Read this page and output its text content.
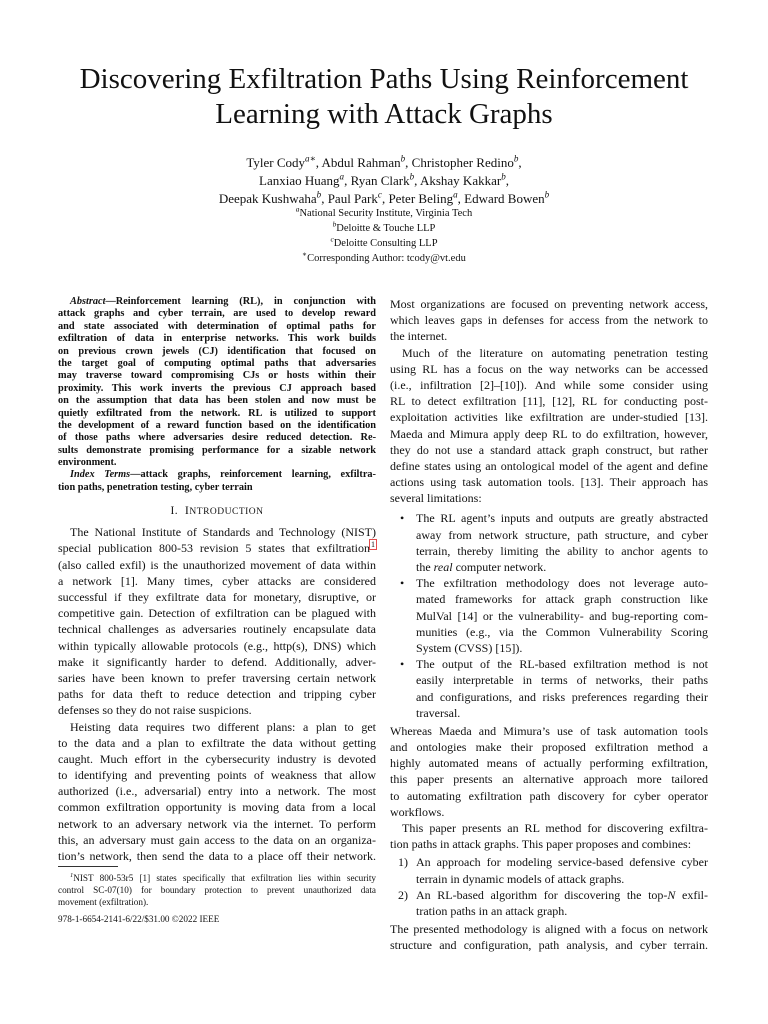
Discovering Exfiltration Paths Using Reinforcement
Learning with Attack Graphs
Tyler Cody$^{a∗}$, Abdul Rahman$^b$, Christopher Redino$^b$,
Lanxiao Huang$^a$, Ryan Clark$^b$, Akshay Kakkar$^b$,
Deepak Kushwaha$^b$, Paul Park$^c$, Peter Beling$^a$, Edward Bowen$^b$
$^a$National Security Institute, Virginia Tech
$^b$Deloitte & Touche LLP
$^c$Deloitte Consulting LLP
∗Corresponding Author: tcody@vt.edu
Abstract—Reinforcement learning (RL), in conjunction with
attack graphs and cyber terrain, are used to develop reward
and state associated with determination of optimal paths for
exfiltration of data in enterprise networks. This work builds
on previous crown jewels (CJ) identification that focused on
the target goal of computing optimal paths that adversaries
may traverse toward compromising CJs or hosts within their
proximity. This work inverts the previous CJ approach based
on the assumption that data has been stolen and now must be
quietly exfiltrated from the network. RL is utilized to support
the development of a reward function based on the identification
of those paths where adversaries desire reduced detection. Re-
sults demonstrate promising performance for a sizable network
environment.
Index Terms—attack graphs, reinforcement learning, exfiltra-
tion paths, penetration testing, cyber terrain
I. INTRODUCTION
The National Institute of Standards and Technology (NIST)
special publication 800-53 revision 5 states that exfiltration$^1$
(also called exfil) is the unauthorized movement of data within
a network [1]. Many times, cyber attacks are considered
successful if they exfiltrate data for monetary, disruptive, or
competitive gain. Detection of exfiltration can be plagued with
technical challenges as adversaries routinely encapsulate data
within typically allowable protocols (e.g., http(s), DNS) which
make it significantly harder to defend. Additionally, adver-
saries have been known to prefer traversing certain network
paths for data theft to reduce detection and tripping cyber
defenses so they do not raise suspicions.
Heisting data requires two different plans: a plan to get
to the data and a plan to exfiltrate the data without getting
caught. Much effort in the cybersecurity industry is devoted
to identifying and preventing points of weakness that allow
authorized (i.e., adversarial) entry into a network. The most
common exfiltration opportunity is moving data from a local
network to an adversary network via the internet. To perform
this, an adversary must gain access to the data on an organiza-
tion’s network, then send the data to a place off their network.
$^1$NIST 800-53r5 [1] states specifically that exfiltration lies within security
control SC-07(10) for boundary protection to prevent unauthorized data
movement (exfiltration).
978-1-6654-2141-6/22/$31.00 ©2022 IEEE
Most organizations are focused on preventing network access,
which leaves gaps in defenses for access from the network to
the internet.
Much of the literature on automating penetration testing
using RL has a focus on the way networks can be accessed
(i.e., infiltration [2]–[10]). And while some consider using
RL to detect exfiltration [11], [12], RL for conducting post-
exploitation activities like exfiltration are under-studied [13].
Maeda and Mimura apply deep RL to do exfiltration, however,
they do not use a standard attack graph construct, but rather
define states using an ontological model of the agent and define
actions using task automation tools. [13]. Their approach has
several limitations:
• The RL agent’s inputs and outputs are greatly abstracted
away from network structure, path structure, and cyber
terrain, thereby limiting the ability to anchor agents to
the real computer network.
• The exfiltration methodology does not leverage auto-
mated frameworks for attack graph construction like
MulVal [14] or the vulnerability- and bug-reporting com-
munities (e.g., via the Common Vulnerability Scoring
System (CVSS) [15]).
• The output of the RL-based exfiltration method is not
easily interpretable in terms of networks, their paths
and configurations, and risks preferences regarding their
traversal.
Whereas Maeda and Mimura’s use of task automation tools
and ontologies make their proposed exfiltration method a
highly automated means of actually performing exfiltration,
this paper presents an alternative approach more tailored
to automating exfiltration path discovery for cyber operator
workflows.
This paper presents an RL method for discovering exfiltra-
tion paths in attack graphs. This paper proposes and combines:
1) An approach for modeling service-based defensive cyber
terrain in dynamic models of attack graphs.
2) An RL-based algorithm for discovering the top-N exfil-
tration paths in an attack graph.
The presented methodology is aligned with a focus on network
structure and configuration, path analysis, and cyber terrain.
